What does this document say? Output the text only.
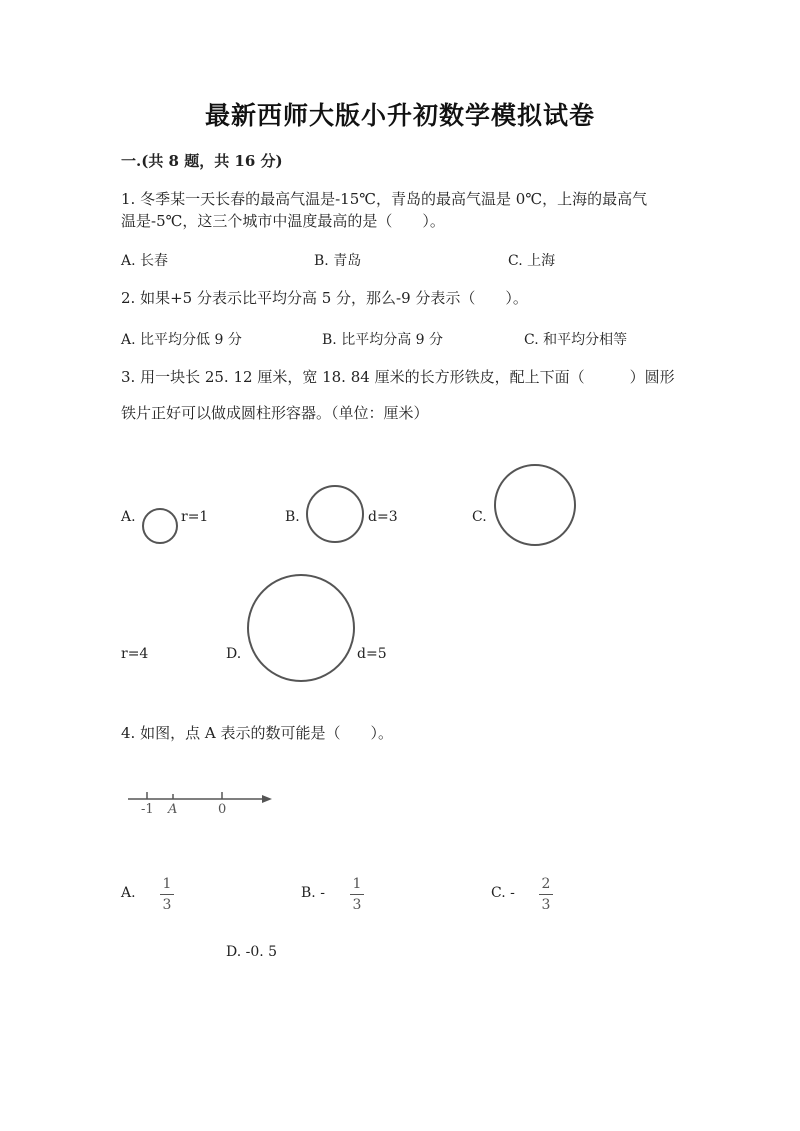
最新西师大版小升初数学模拟试卷
一.(共 8 题，共 16 分)
1. 冬季某一天长春的最高气温是-15℃，青岛的最高气温是 0℃，上海的最高气
温是-5℃，这三个城市中温度最高的是（　　）。
A. 长春	B. 青岛	C. 上海
2. 如果+5 分表示比平均分高 5 分，那么-9 分表示（　　）。
A. 比平均分低 9 分	B. 比平均分高 9 分	C. 和平均分相等
3. 用一块长 25. 12 厘米，宽 18. 84 厘米的长方形铁皮，配上下面（　　　）圆形
铁片正好可以做成圆柱形容器。（单位：厘米）
A.	r=1	B.	d=3	C.
r=4	D.	d=5
4. 如图，点 A 表示的数可能是（　　）。
-1 A	0
A.
1
3
B. -
1
3
C. -
2
3
D. -0. 5
